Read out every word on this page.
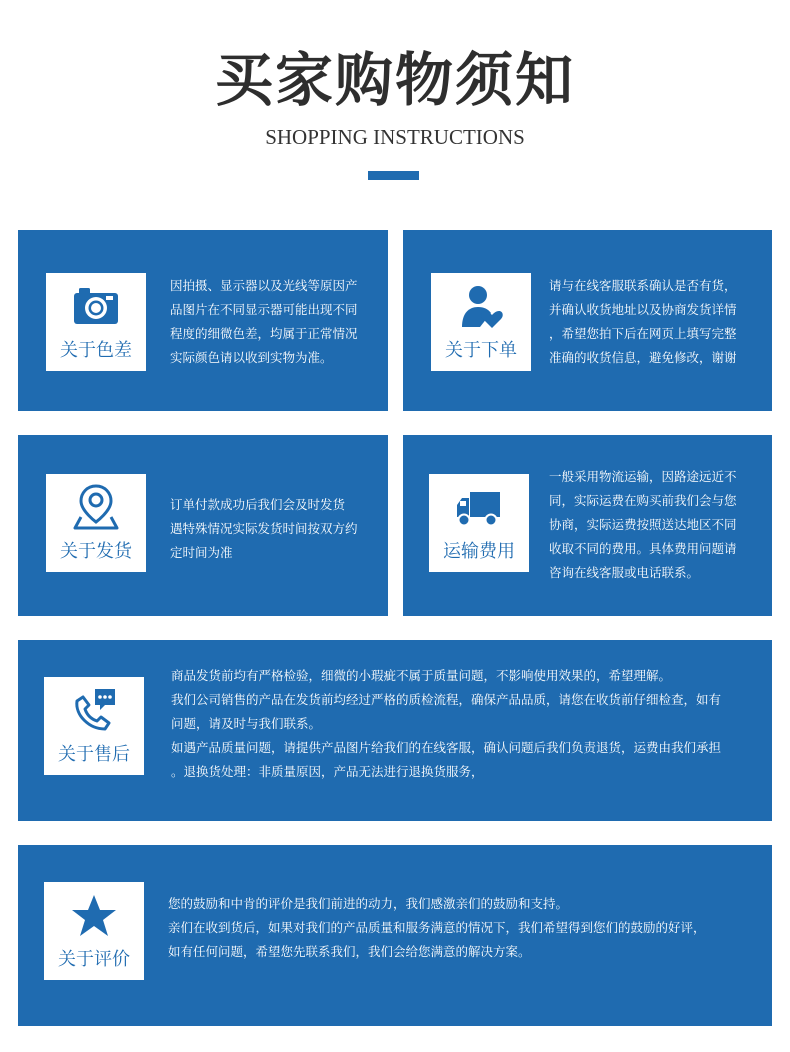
买家购物须知
SHOPPING INSTRUCTIONS
关于色差

因拍摄、显示器以及光线等原因产

品图片在不同显示器可能出现不同

程度的细微色差，均属于正常情况

实际颜色请以收到实物为准。	关于下单

请与在线客服联系确认是否有货，

并确认收货地址以及协商发货详情

，希望您拍下后在网页上填写完整

准确的收货信息，避免修改，谢谢

关于发货

订单付款成功后我们会及时发货

遇特殊情况实际发货时间按双方约

定时间为准	运输费用

一般采用物流运输，因路途远近不

同，实际运费在购买前我们会与您

协商，实际运费按照送达地区不同

收取不同的费用。具体费用问题请

咨询在线客服或电话联系。

关于售后

商品发货前均有严格检验，细微的小瑕疵不属于质量问题，不影响使用效果的，希望理解。

我们公司销售的产品在发货前均经过严格的质检流程，确保产品品质，请您在收货前仔细检查，如有

问题，请及时与我们联系。

如遇产品质量问题，请提供产品图片给我们的在线客服，确认问题后我们负责退货，运费由我们承担

。退换货处理：非质量原因，产品无法进行退换货服务，

关于评价

您的鼓励和中肯的评价是我们前进的动力，我们感激亲们的鼓励和支持。

亲们在收到货后，如果对我们的产品质量和服务满意的情况下，我们希望得到您们的鼓励的好评，

如有任何问题，希望您先联系我们，我们会给您满意的解决方案。
